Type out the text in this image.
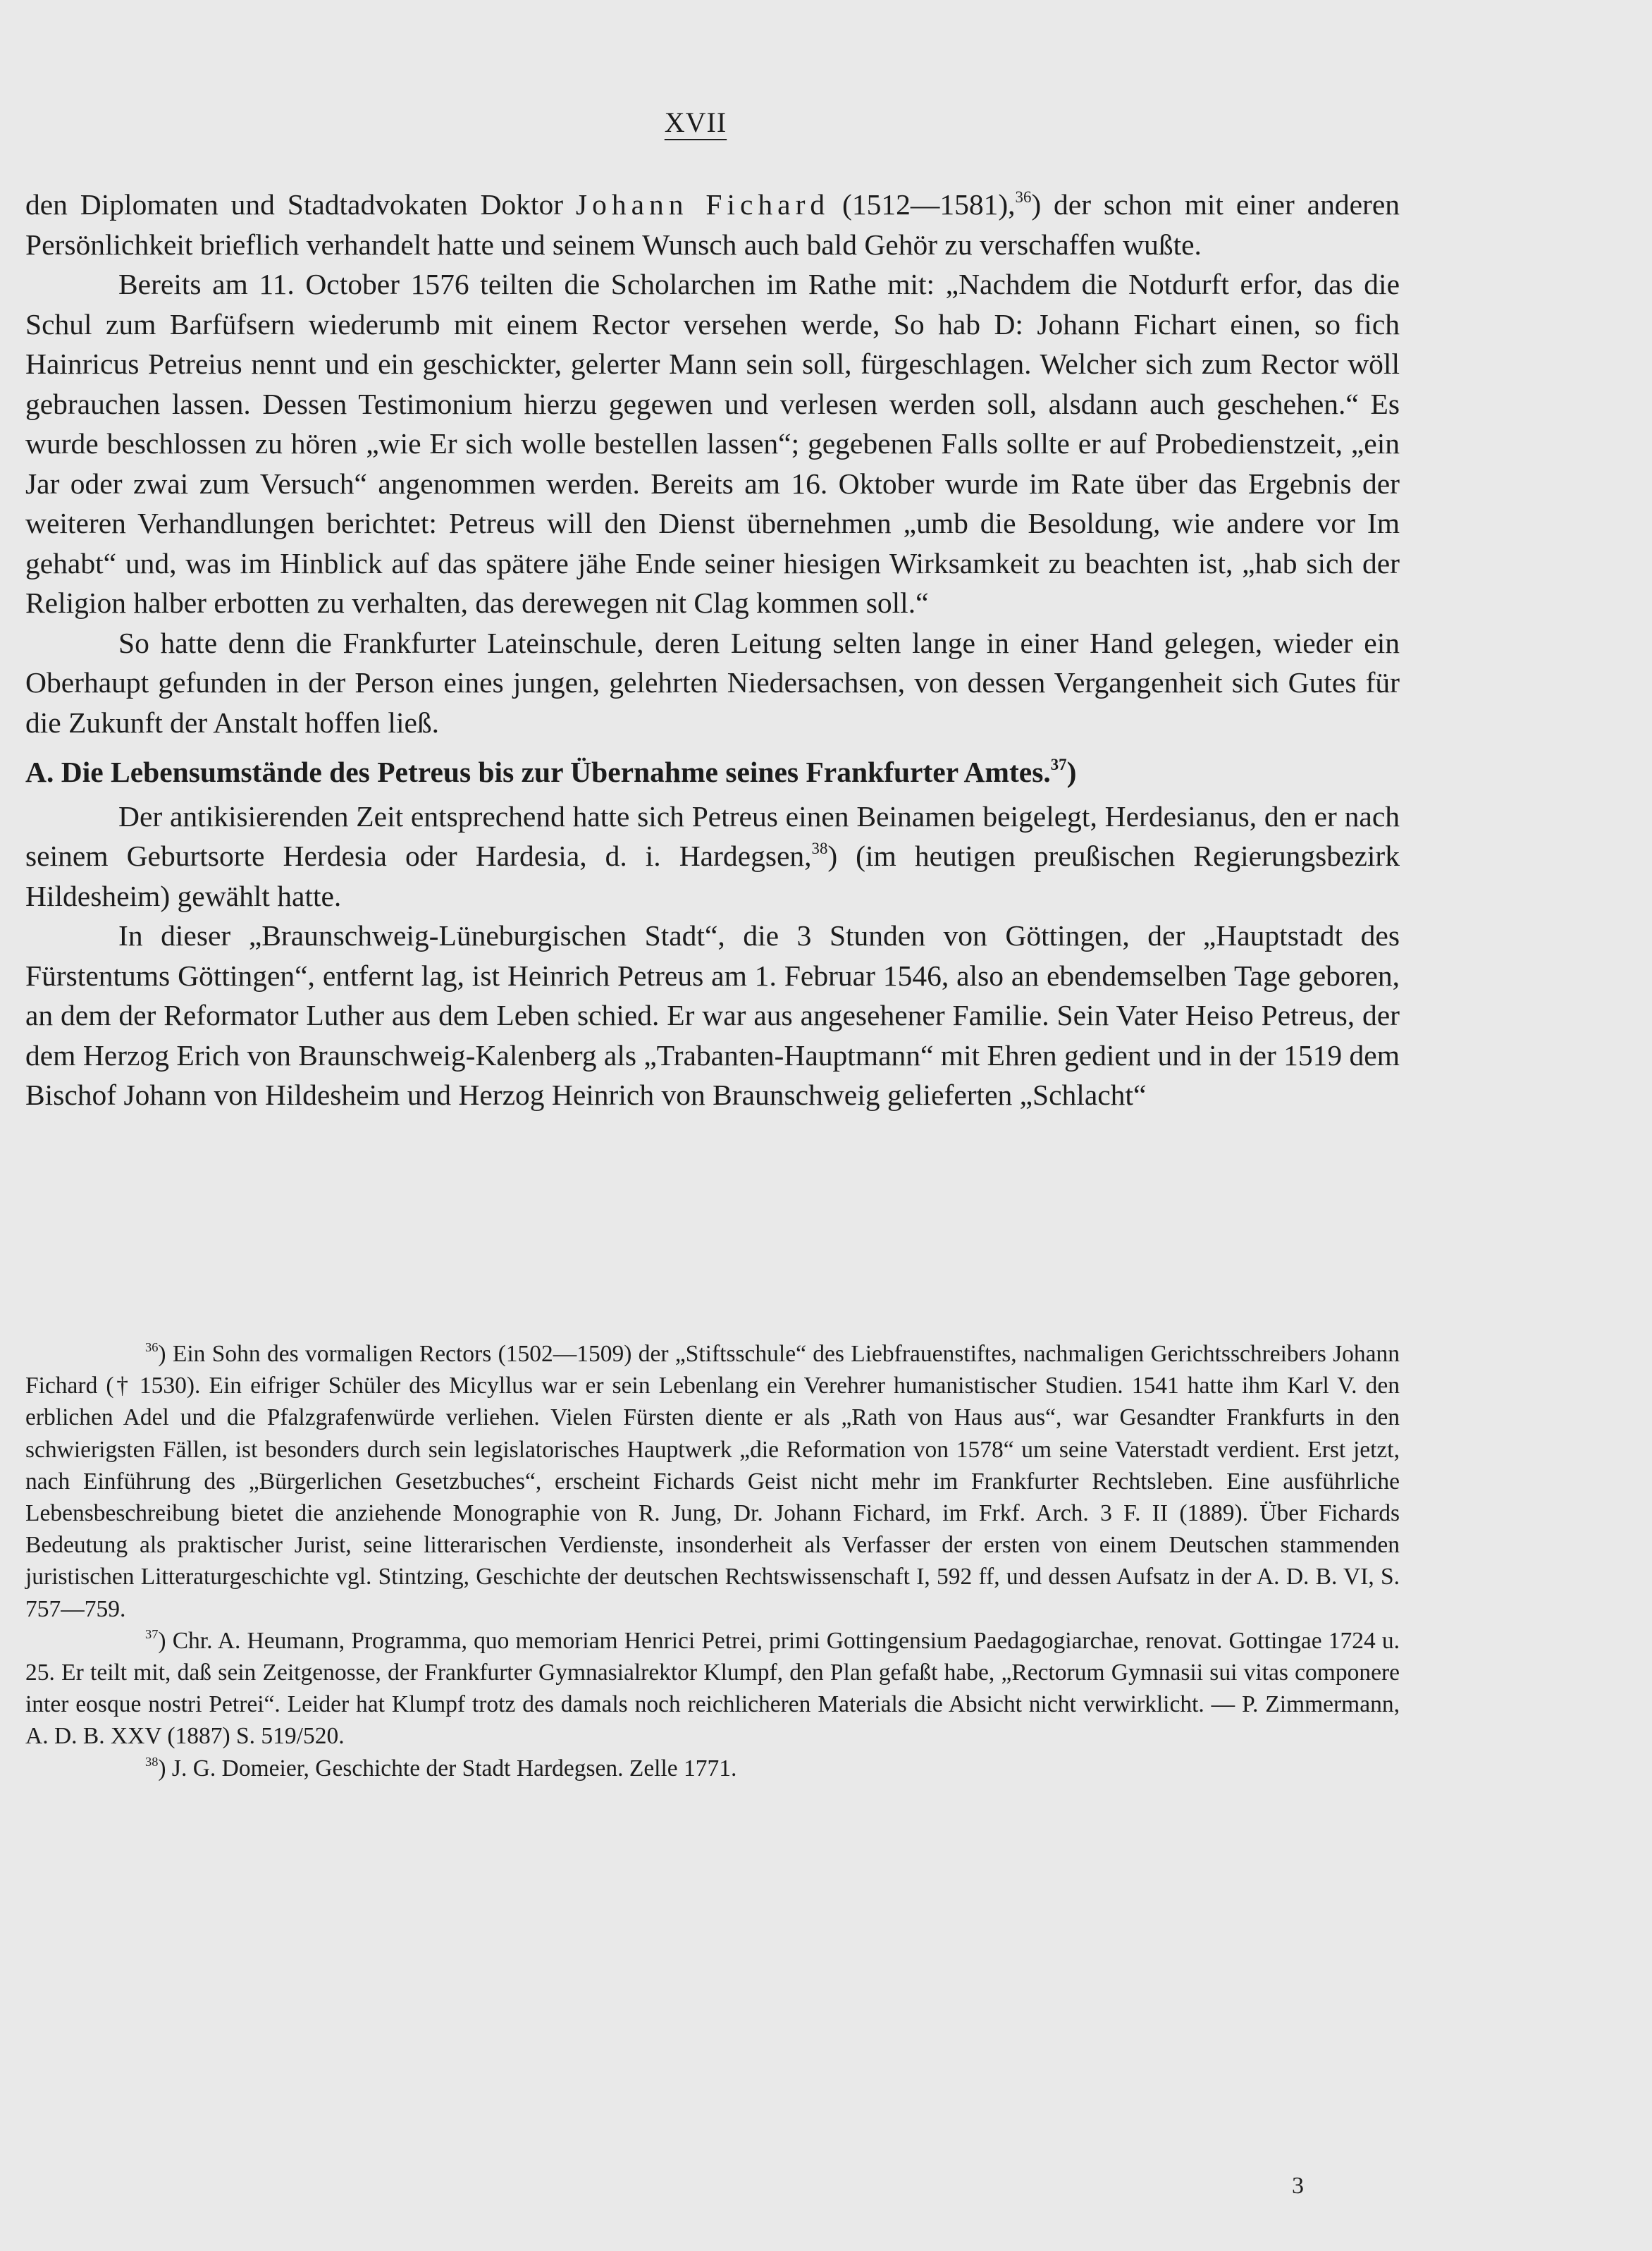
XVII

den Diplomaten und Stadtadvokaten Doktor Johann Fichard (1512—1581),$^{36}$) der schon mit einer anderen Persönlichkeit brieflich verhandelt hatte und seinem Wunsch auch bald Gehör zu verschaffen wußte.

Bereits am 11. October 1576 teilten die Scholarchen im Rathe mit: „Nachdem die Notdurft erfor, das die Schul zum Barfüfsern wiederumb mit einem Rector versehen werde, So hab D: Johann Fichart einen, so fich Hainricus Petreius nennt und ein geschickter, gelerter Mann sein soll, fürgeschlagen. Welcher sich zum Rector wöll gebrauchen lassen. Dessen Testimonium hierzu gegewen und verlesen werden soll, alsdann auch geschehen.“ Es wurde beschlossen zu hören „wie Er sich wolle bestellen lassen“; gegebenen Falls sollte er auf Probedienstzeit, „ein Jar oder zwai zum Versuch“ angenommen werden. Bereits am 16. Oktober wurde im Rate über das Ergebnis der weiteren Verhandlungen berichtet: Petreus will den Dienst übernehmen „umb die Besoldung, wie andere vor Im gehabt“ und, was im Hinblick auf das spätere jähe Ende seiner hiesigen Wirksamkeit zu beachten ist, „hab sich der Religion halber erbotten zu verhalten, das derewegen nit Clag kommen soll.“

So hatte denn die Frankfurter Lateinschule, deren Leitung selten lange in einer Hand gelegen, wieder ein Oberhaupt gefunden in der Person eines jungen, gelehrten Niedersachsen, von dessen Vergangenheit sich Gutes für die Zukunft der Anstalt hoffen ließ.

A. Die Lebensumstände des Petreus bis zur Übernahme seines Frankfurter Amtes.$^{37}$)

Der antikisierenden Zeit entsprechend hatte sich Petreus einen Beinamen beigelegt, Herdesianus, den er nach seinem Geburtsorte Herdesia oder Hardesia, d. i. Hardegsen,$^{38}$) (im heutigen preußischen Regierungsbezirk Hildesheim) gewählt hatte.

In dieser „Braunschweig-Lüneburgischen Stadt“, die 3 Stunden von Göttingen, der „Hauptstadt des Fürstentums Göttingen“, entfernt lag, ist Heinrich Petreus am 1. Februar 1546, also an ebendemselben Tage geboren, an dem der Reformator Luther aus dem Leben schied. Er war aus angesehener Familie. Sein Vater Heiso Petreus, der dem Herzog Erich von Braunschweig-Kalenberg als „Trabanten-Hauptmann“ mit Ehren gedient und in der 1519 dem Bischof Johann von Hildesheim und Herzog Heinrich von Braunschweig gelieferten „Schlacht“

$^{36}$) Ein Sohn des vormaligen Rectors (1502—1509) der „Stiftsschule“ des Liebfrauenstiftes, nachmaligen Gerichtsschreibers Johann Fichard († 1530). Ein eifriger Schüler des Micyllus war er sein Lebenlang ein Verehrer humanistischer Studien. 1541 hatte ihm Karl V. den erblichen Adel und die Pfalzgrafenwürde verliehen. Vielen Fürsten diente er als „Rath von Haus aus“, war Gesandter Frankfurts in den schwierigsten Fällen, ist besonders durch sein legislatorisches Hauptwerk „die Reformation von 1578“ um seine Vaterstadt verdient. Erst jetzt, nach Einführung des „Bürgerlichen Gesetzbuches“, erscheint Fichards Geist nicht mehr im Frankfurter Rechtsleben. Eine ausführliche Lebensbeschreibung bietet die anziehende Monographie von R. Jung, Dr. Johann Fichard, im Frkf. Arch. 3 F. II (1889). Über Fichards Bedeutung als praktischer Jurist, seine litterarischen Verdienste, insonderheit als Verfasser der ersten von einem Deutschen stammenden juristischen Litteraturgeschichte vgl. Stintzing, Geschichte der deutschen Rechtswissenschaft I, 592 ff, und dessen Aufsatz in der A. D. B. VI, S. 757—759.

$^{37}$) Chr. A. Heumann, Programma, quo memoriam Henrici Petrei, primi Gottingensium Paedagogiarchae, renovat. Gottingae 1724 u. 25. Er teilt mit, daß sein Zeitgenosse, der Frankfurter Gymnasialrektor Klumpf, den Plan gefaßt habe, „Rectorum Gymnasii sui vitas componere inter eosque nostri Petrei“. Leider hat Klumpf trotz des damals noch reichlicheren Materials die Absicht nicht verwirklicht. — P. Zimmermann, A. D. B. XXV (1887) S. 519/520.

$^{38}$) J. G. Domeier, Geschichte der Stadt Hardegsen. Zelle 1771.

3
